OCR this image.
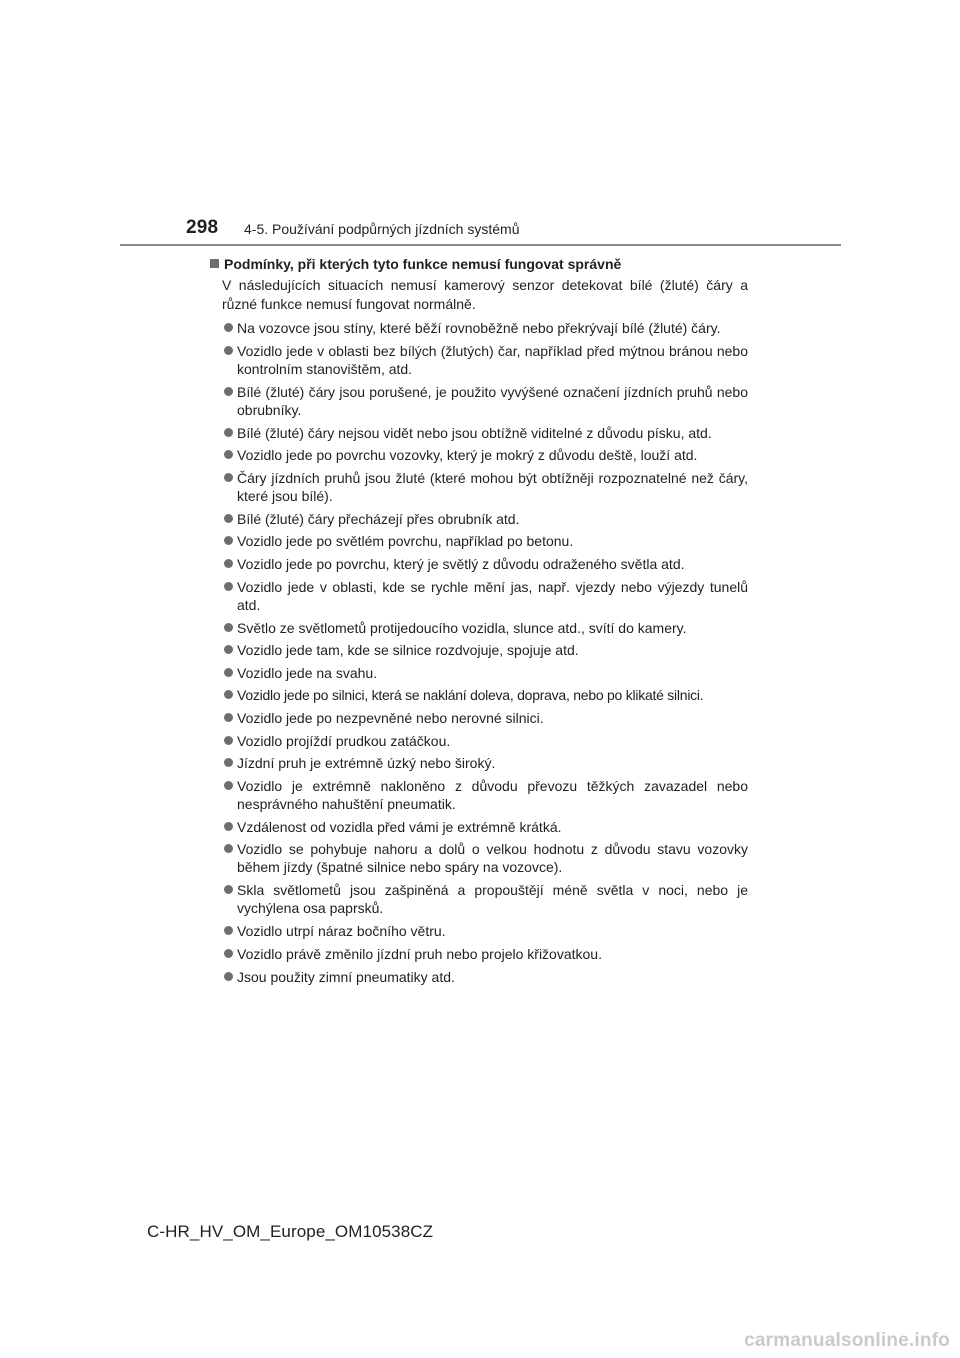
298 4-5. Používání podpůrných jízdních systémů
Podmínky, při kterých tyto funkce nemusí fungovat správně

V následujících situacích nemusí kamerový senzor detekovat bílé (žluté) čáry a různé funkce nemusí fungovat normálně.

Na vozovce jsou stíny, které běží rovnoběžně nebo překrývají bílé (žluté) čáry.
Vozidlo jede v oblasti bez bílých (žlutých) čar, například před mýtnou bránou nebo kontrolním stanovištěm, atd.
Bílé (žluté) čáry jsou porušené, je použito vyvýšené označení jízdních pruhů nebo obrubníky.
Bílé (žluté) čáry nejsou vidět nebo jsou obtížně viditelné z důvodu písku, atd.
Vozidlo jede po povrchu vozovky, který je mokrý z důvodu deště, louží atd.
Čáry jízdních pruhů jsou žluté (které mohou být obtížněji rozpoznatelné než čáry, které jsou bílé).
Bílé (žluté) čáry přecházejí přes obrubník atd.
Vozidlo jede po světlém povrchu, například po betonu.
Vozidlo jede po povrchu, který je světlý z důvodu odraženého světla atd.
Vozidlo jede v oblasti, kde se rychle mění jas, např. vjezdy nebo výjezdy tunelů atd.
Světlo ze světlometů protijedoucího vozidla, slunce atd., svítí do kamery.
Vozidlo jede tam, kde se silnice rozdvojuje, spojuje atd.
Vozidlo jede na svahu.
Vozidlo jede po silnici, která se naklání doleva, doprava, nebo po klikaté silnici.
Vozidlo jede po nezpevněné nebo nerovné silnici.
Vozidlo projíždí prudkou zatáčkou.
Jízdní pruh je extrémně úzký nebo široký.
Vozidlo je extrémně nakloněno z důvodu převozu těžkých zavazadel nebo nesprávného nahuštění pneumatik.
Vzdálenost od vozidla před vámi je extrémně krátká.
Vozidlo se pohybuje nahoru a dolů o velkou hodnotu z důvodu stavu vozovky během jízdy (špatné silnice nebo spáry na vozovce).
Skla světlometů jsou zašpiněná a propouštějí méně světla v noci, nebo je vychýlena osa paprsků.
Vozidlo utrpí náraz bočního větru.
Vozidlo právě změnilo jízdní pruh nebo projelo křižovatkou.
Jsou použity zimní pneumatiky atd.
C-HR_HV_OM_Europe_OM10538CZ
carmanualsonline.info
